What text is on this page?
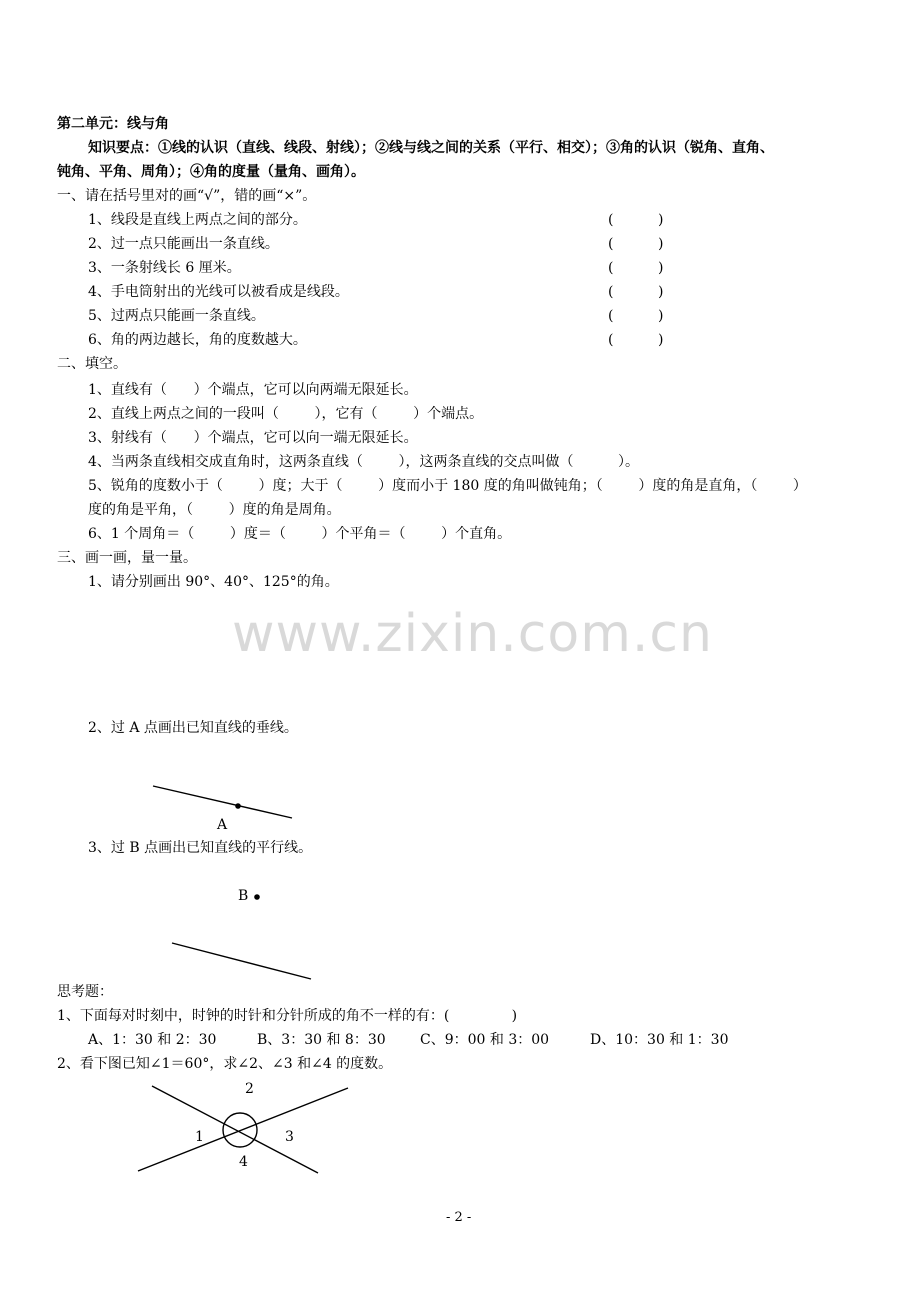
第二单元：线与角
知识要点：①线的认识（直线、线段、射线）；②线与线之间的关系（平行、相交）；③角的认识（锐角、直角、
钝角、平角、周角）；④角的度量（量角、画角）。
一、请在括号里对的画“√”，错的画“×”。
1、线段是直线上两点之间的部分。	(          )
2、过一点只能画出一条直线。	(          )
3、一条射线长 6 厘米。	(          )
4、手电筒射出的光线可以被看成是线段。	(          )
5、过两点只能画一条直线。	(          )
6、角的两边越长，角的度数越大。	(          )
二、填空。
1、直线有（      ）个端点，它可以向两端无限延长。
2、直线上两点之间的一段叫（        ），它有（        ）个端点。
3、射线有（      ）个端点，它可以向一端无限延长。
4、当两条直线相交成直角时，这两条直线（        ），这两条直线的交点叫做（          ）。
5、锐角的度数小于（        ）度；大于（        ）度而小于 180 度的角叫做钝角；（        ）度的角是直角，（        ）
度的角是平角，（        ）度的角是周角。
6、1 个周角＝（        ）度＝（        ）个平角＝（        ）个直角。
三、画一画，量一量。
1、请分别画出 90°、40°、125°的角。
www.zixin.com.cn
2、过 A 点画出已知直线的垂线。
A
B
1
2
3
4
3、过 B 点画出已知直线的平行线。
思考题：
1、下面每对时刻中，时钟的时针和分针所成的角不一样的有：(              )
A、1：30 和 2：30	B、3：30 和 8：30 C、9：00 和 3：00	D、10：30 和 1：30
2、看下图已知∠1＝60°，求∠2、∠3 和∠4 的度数。
- 2 -
